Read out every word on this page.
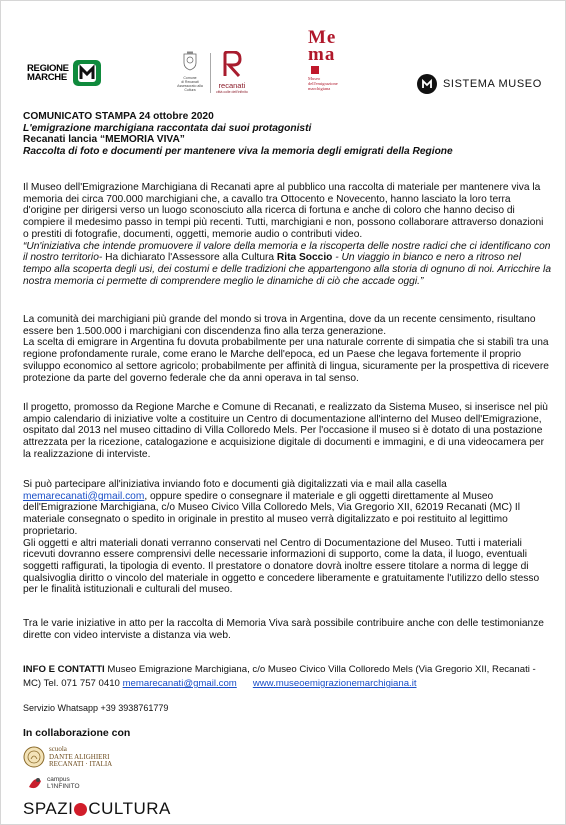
REGIONE
MARCHE	Comune
di Recanati
Assessorato alla Cultura	recanati
città colle dell'infinito
Me
ma
Museo
dell'emigrazione
marchigiana	SISTEMA MUSEO
COMUNICATO STAMPA 24 ottobre 2020
L'emigrazione marchigiana raccontata dai suoi protagonisti
Recanati lancia “MEMORIA VIVA”
Raccolta di foto e documenti per mantenere viva la memoria degli emigrati della Regione
Il Museo dell'Emigrazione Marchigiana di Recanati apre al pubblico una raccolta di materiale per mantenere viva la memoria dei circa 700.000 marchigiani che, a cavallo tra Ottocento e Novecento, hanno lasciato la loro terra d'origine per dirigersi verso un luogo sconosciuto alla ricerca di fortuna e anche di coloro che hanno deciso di compiere il medesimo passo in tempi più recenti. Tutti, marchigiani e non, possono collaborare attraverso donazioni o prestiti di fotografie, documenti, oggetti, memorie audio o contributi video.
“Un'iniziativa che intende promuovere il valore della memoria e la riscoperta delle nostre radici che ci identificano con il nostro territorio- Ha dichiarato l'Assessore alla Cultura Rita Soccio - Un viaggio in bianco e nero a ritroso nel tempo alla scoperta degli usi, dei costumi e delle tradizioni che appartengono alla storia di ognuno di noi. Arricchire la nostra memoria ci permette di comprendere meglio le dinamiche di ciò che accade oggi.”
La comunità dei marchigiani più grande del mondo si trova in Argentina, dove da un recente censimento, risultano essere ben 1.500.000 i marchigiani con discendenza fino alla terza generazione.
La scelta di emigrare in Argentina fu dovuta probabilmente per una naturale corrente di simpatia che si stabilì tra una regione profondamente rurale, come erano le Marche dell'epoca, ed un Paese che legava fortemente il proprio sviluppo economico al settore agricolo; probabilmente per affinità di lingua, sicuramente per la prospettiva di ricevere protezione da parte del governo federale che da anni operava in tal senso.
Il progetto, promosso da Regione Marche e Comune di Recanati, e realizzato da Sistema Museo, si inserisce nel più ampio calendario di iniziative volte a costituire un Centro di documentazione all'interno del Museo dell'Emigrazione, ospitato dal 2013 nel museo cittadino di Villa Colloredo Mels. Per l'occasione il museo si è dotato di una postazione attrezzata per la ricezione, catalogazione e acquisizione digitale di documenti e immagini, e di una videocamera per la realizzazione di interviste.
Si può partecipare all'iniziativa inviando foto e documenti già digitalizzati via e mail alla casella memarecanati@gmail.com, oppure spedire o consegnare il materiale e gli oggetti direttamente al Museo dell'Emigrazione Marchigiana, c/o Museo Civico Villa Colloredo Mels, Via Gregorio XII, 62019 Recanati (MC) Il materiale consegnato o spedito in originale in prestito al museo verrà digitalizzato e poi restituito al legittimo proprietario.
Gli oggetti e altri materiali donati verranno conservati nel Centro di Documentazione del Museo. Tutti i materiali ricevuti dovranno essere comprensivi delle necessarie informazioni di supporto, come la data, il luogo, eventuali soggetti raffigurati, la tipologia di evento. Il prestatore o donatore dovrà inoltre essere titolare a norma di legge di qualsivoglia diritto o vincolo del materiale in oggetto e concedere liberamente e gratuitamente l'utilizzo dello stesso per le finalità istituzionali e culturali del museo.
Tra le varie iniziative in atto per la raccolta di Memoria Viva sarà possibile contribuire anche con delle testimonianze dirette con video interviste a distanza via web.
INFO E CONTATTI Museo Emigrazione Marchigiana, c/o Museo Civico Villa Colloredo Mels (Via Gregorio XII, Recanati - MC) Tel. 071 757 0410 memarecanati@gmail.com www.museoemigrazionemarchigiana.it
Servizio Whatsapp +39 3938761779
In collaborazione con
scuola
DANTE ALIGHIERI
RECANATI · ITALIA
campus
L'INFINITO
SPAZI CULTURA
